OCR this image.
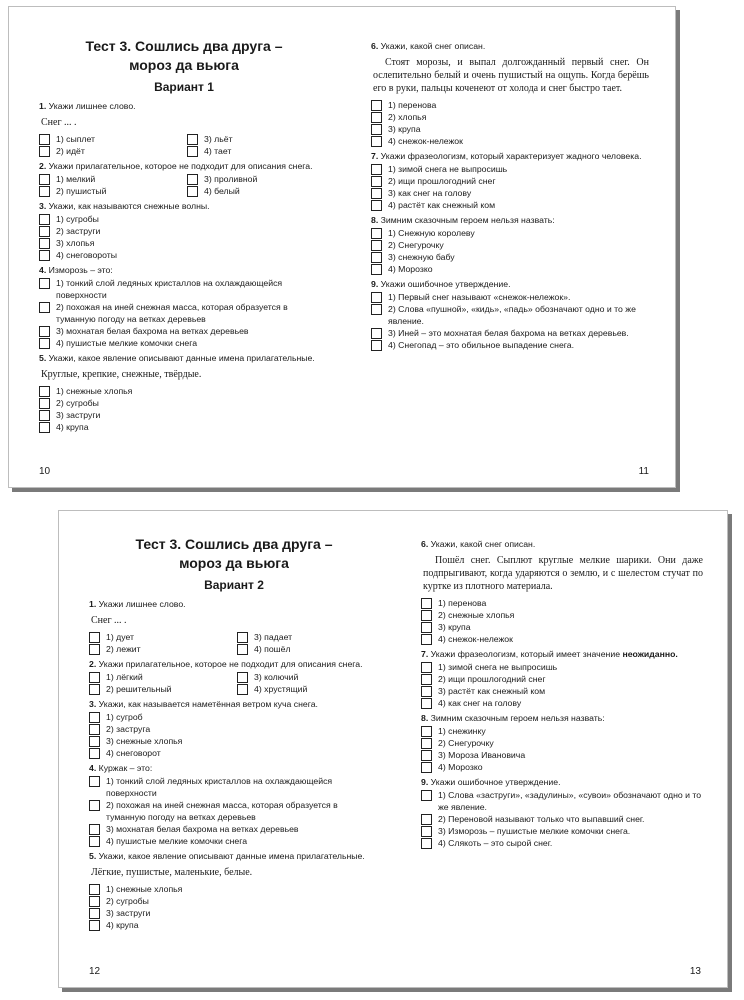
Тест 3. Сошлись два друга –
мороз да вьюга
Вариант 1
1. Укажи лишнее слово.
Снег ... .
1) сыплет	3) льёт
2) идёт	4) тает
2. Укажи прилагательное, которое не подходит для описания снега.
1) мелкий	3) проливной
2) пушистый	4) белый
3. Укажи, как называются снежные волны.
1) сугробы
2) заструги
3) хлопья
4) снеговороты
4. Изморозь – это:
1) тонкий слой ледяных кристаллов на охлаждающейся поверхности
2) похожая на иней снежная масса, которая образуется в туманную погоду на ветках деревьев
3) мохнатая белая бахрома на ветках деревьев
4) пушистые мелкие комочки снега
5. Укажи, какое явление описывают данные имена прилагательные.
Круглые, крепкие, снежные, твёрдые.
1) снежные хлопья
2) сугробы
3) заструги
4) крупа
10
6. Укажи, какой снег описан.
Стоят морозы, и выпал долгожданный первый снег. Он ослепительно белый и очень пушистый на ощупь. Когда берёшь его в руки, пальцы коченеют от холода и снег быстро тает.
1) перенова
2) хлопья
3) крупа
4) снежок-нележок
7. Укажи фразеологизм, который характеризует жадного человека.
1) зимой снега не выпросишь
2) ищи прошлогодний снег
3) как снег на голову
4) растёт как снежный ком
8. Зимним сказочным героем нельзя назвать:
1) Снежную королеву
2) Снегурочку
3) снежную бабу
4) Морозко
9. Укажи ошибочное утверждение.
1) Первый снег называют «снежок-нележок».
2) Слова «пушной», «кидь», «падь» обозначают одно и то же явление.
3) Иней – это мохнатая белая бахрома на ветках деревьев.
4) Снегопад – это обильное выпадение снега.
11
Тест 3. Сошлись два друга –
мороз да вьюга
Вариант 2
1. Укажи лишнее слово.
Снег ... .
1) дует	3) падает
2) лежит	4) пошёл
2. Укажи прилагательное, которое не подходит для описания снега.
1) лёгкий	3) колючий
2) решительный	4) хрустящий
3. Укажи, как называется наметённая ветром куча снега.
1) сугроб
2) заструга
3) снежные хлопья
4) снеговорот
4. Куржак – это:
1) тонкий слой ледяных кристаллов на охлаждающейся поверхности
2) похожая на иней снежная масса, которая образуется в туманную погоду на ветках деревьев
3) мохнатая белая бахрома на ветках деревьев
4) пушистые мелкие комочки снега
5. Укажи, какое явление описывают данные имена прилагательные.
Лёгкие, пушистые, маленькие, белые.
1) снежные хлопья
2) сугробы
3) заструги
4) крупа
12
6. Укажи, какой снег описан.
Пошёл снег. Сыплют круглые мелкие шарики. Они даже подпрыгивают, когда ударяются о землю, и с шелестом стучат по куртке из плотного материала.
1) перенова
2) снежные хлопья
3) крупа
4) снежок-нележок
7. Укажи фразеологизм, который имеет значение неожиданно.
1) зимой снега не выпросишь
2) ищи прошлогодний снег
3) растёт как снежный ком
4) как снег на голову
8. Зимним сказочным героем нельзя назвать:
1) снежинку
2) Снегурочку
3) Мороза Ивановича
4) Морозко
9. Укажи ошибочное утверждение.
1) Слова «заструги», «задулины», «сувои» обозначают одно и то же явление.
2) Переновой называют только что выпавший снег.
3) Изморозь – пушистые мелкие комочки снега.
4) Слякоть – это сырой снег.
13
